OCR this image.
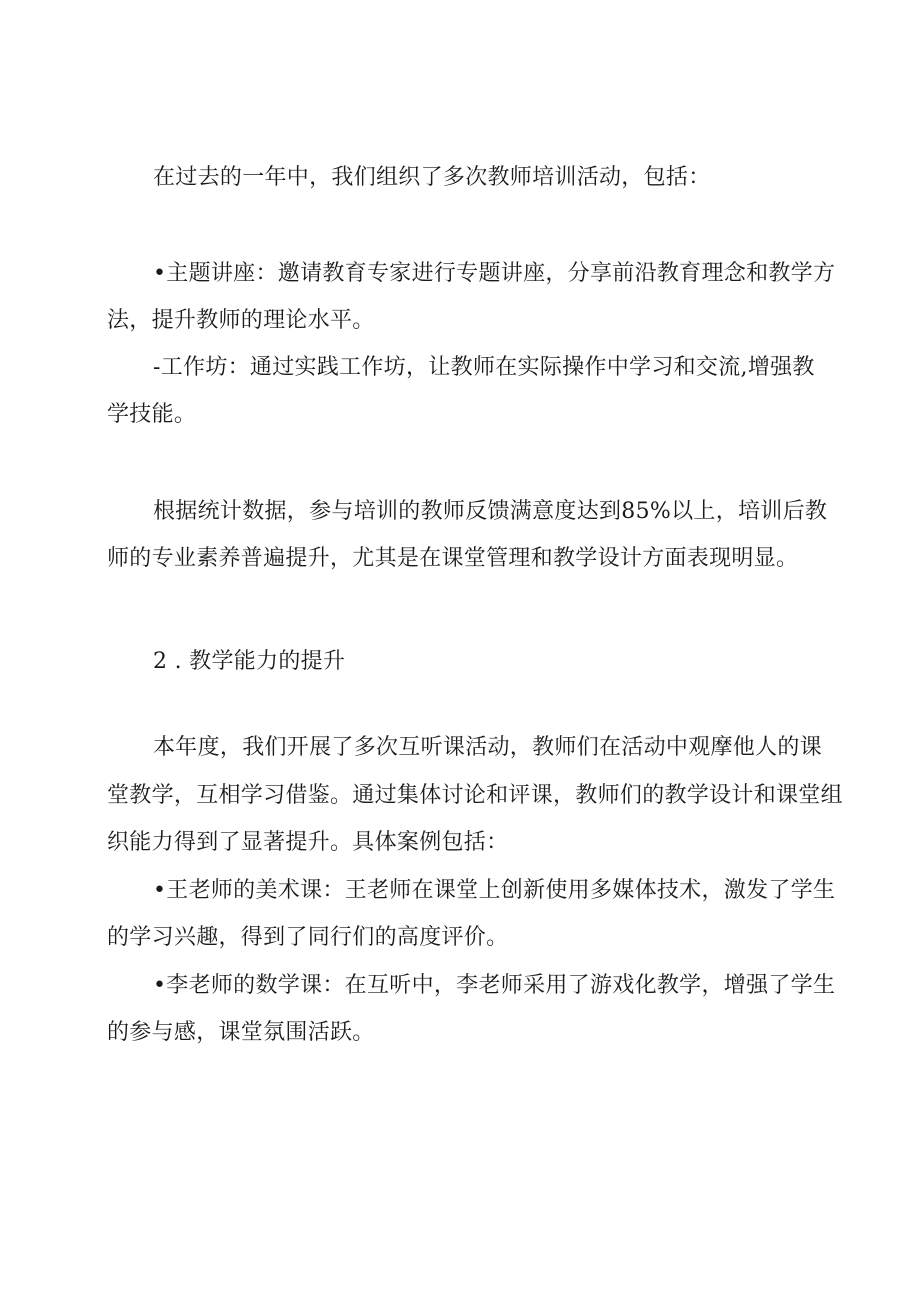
在过去的一年中，我们组织了多次教师培训活动，包括：
•主题讲座：邀请教育专家进行专题讲座，分享前沿教育理念和教学方
法，提升教师的理论水平。
-工作坊：通过实践工作坊，让教师在实际操作中学习和交流,增强教
学技能。
根据统计数据，参与培训的教师反馈满意度达到85%以上，培训后教
师的专业素养普遍提升，尤其是在课堂管理和教学设计方面表现明显。
2 . 教学能力的提升
本年度，我们开展了多次互听课活动，教师们在活动中观摩他人的课
堂教学，互相学习借鉴。通过集体讨论和评课，教师们的教学设计和课堂组
织能力得到了显著提升。具体案例包括：
•王老师的美术课：王老师在课堂上创新使用多媒体技术，激发了学生
的学习兴趣，得到了同行们的高度评价。
•李老师的数学课：在互听中，李老师采用了游戏化教学，增强了学生
的参与感，课堂氛围活跃。
